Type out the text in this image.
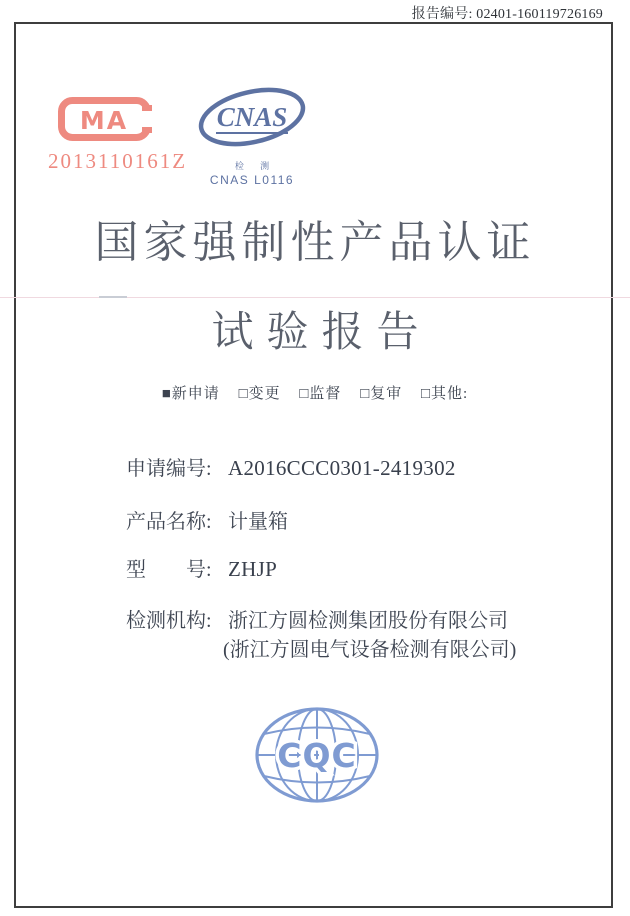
报告编号: 02401-160119726169
MA
2013110161Z
CNAS
检 测
CNAS L0116
国家强制性产品认证
试验报告
■新申请 □变更 □监督 □复审 □其他:
申请编号: A2016CCC0301-2419302
产品名称: 计量箱
型　　号: ZHJP
检测机构: 浙江方圆检测集团股份有限公司
(浙江方圆电气设备检测有限公司)
CQC
